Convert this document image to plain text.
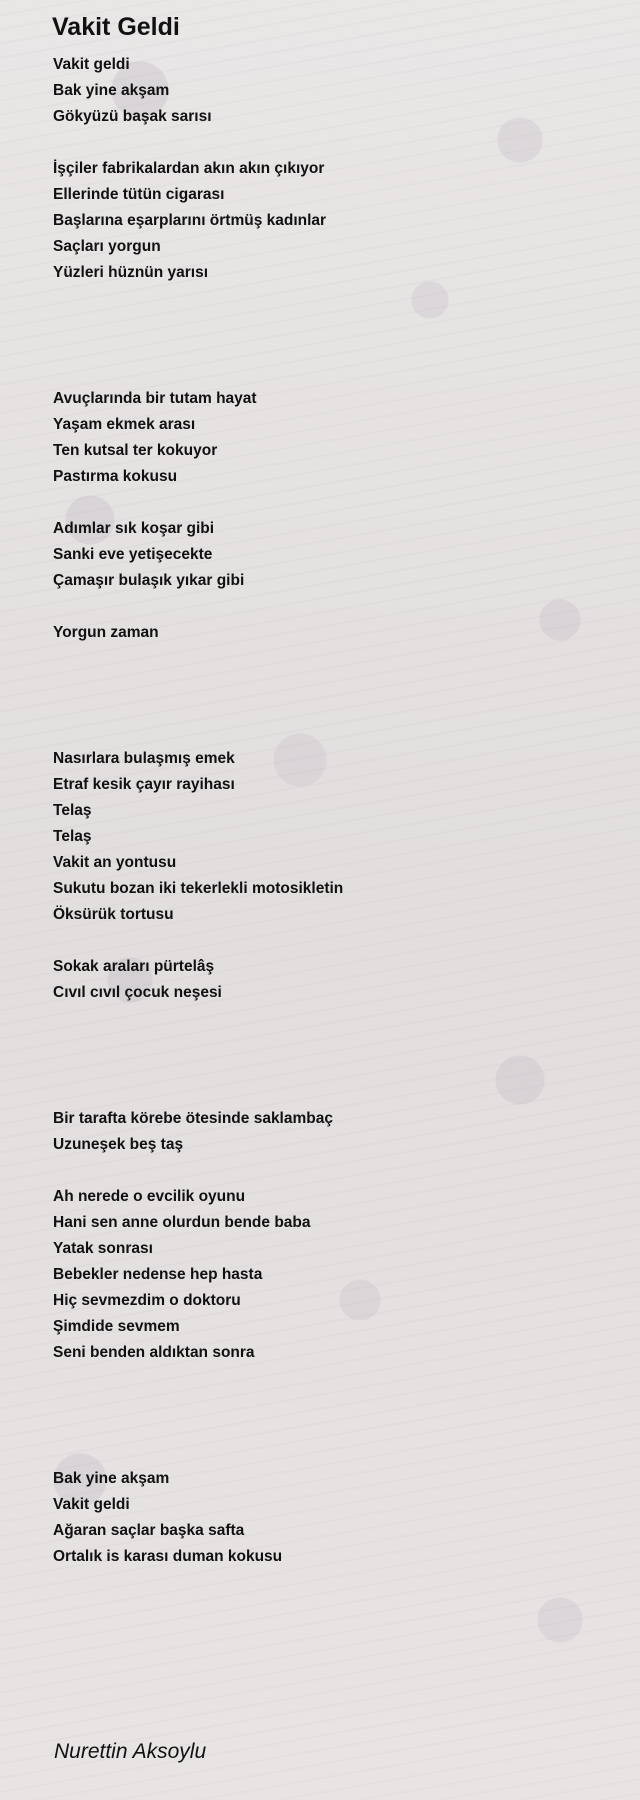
Vakit Geldi
Vakit geldi
Bak yine akşam
Gökyüzü başak sarısı
İşçiler fabrikalardan akın akın çıkıyor
Ellerinde tütün cigarası
Başlarına eşarplarını örtmüş kadınlar
Saçları yorgun
Yüzleri hüznün yarısı
Avuçlarında bir tutam hayat
Yaşam ekmek arası
Ten kutsal ter kokuyor
Pastırma kokusu
Adımlar sık koşar gibi
Sanki eve yetişecekte
Çamaşır bulaşık yıkar gibi
Yorgun zaman
Nasırlara bulaşmış emek
Etraf kesik çayır rayihası
Telaş
Telaş
Vakit an yontusu
Sukutu bozan iki tekerlekli motosikletin
Öksürük tortusu
Sokak araları pürtelâş
Cıvıl cıvıl çocuk neşesi
Bir tarafta körebe ötesinde saklambaç
Uzuneşek beş taş
Ah nerede o evcilik oyunu
Hani sen anne olurdun bende baba
Yatak sonrası
Bebekler nedense hep hasta
Hiç sevmezdim o doktoru
Şimdide sevmem
Seni benden aldıktan sonra
Bak yine akşam
Vakit geldi
Ağaran saçlar başka safta
Ortalık is karası duman kokusu
Nurettin Aksoylu
